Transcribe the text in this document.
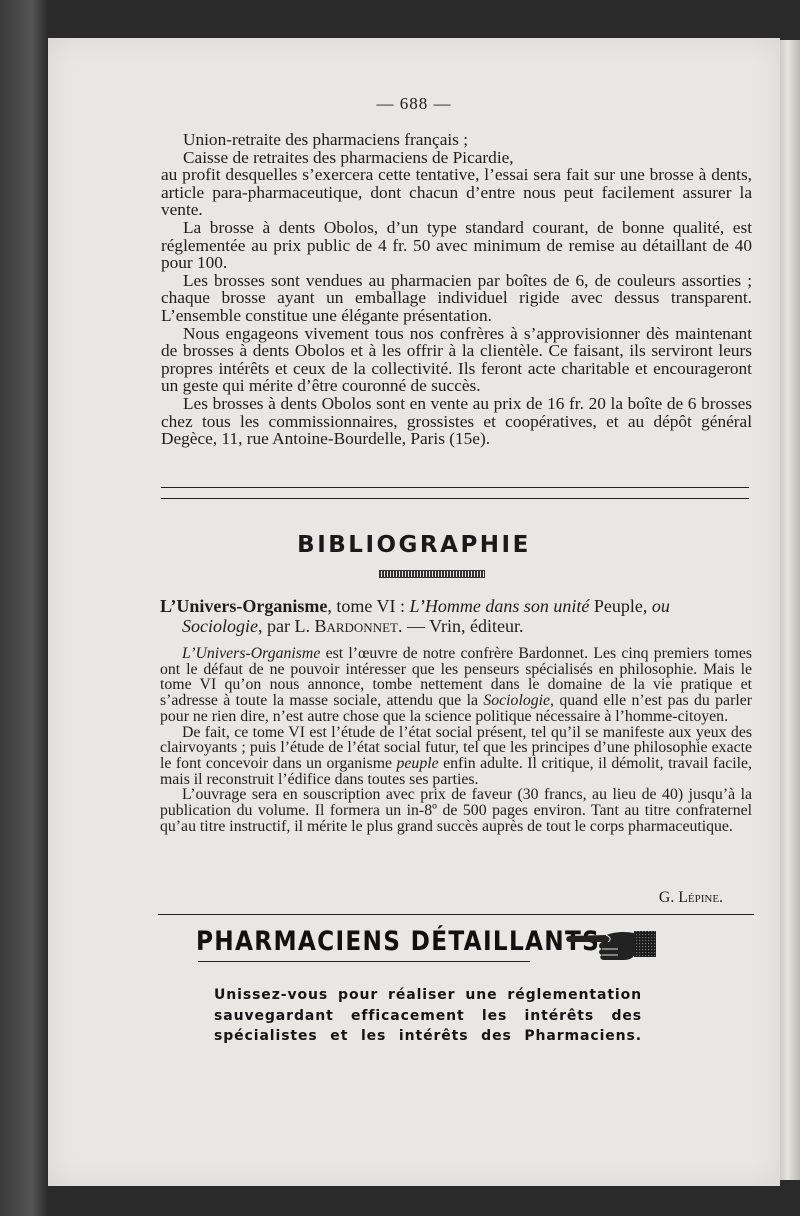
— 688 —

Union-retraite des pharmaciens français ;

Caisse de retraites des pharmaciens de Picardie,

au profit desquelles s’exercera cette tentative, l’essai sera fait sur une brosse à dents, article para-pharmaceutique, dont chacun d’entre nous peut facilement assurer la vente.

La brosse à dents Obolos, d’un type standard courant, de bonne qualité, est réglementée au prix public de 4 fr. 50 avec minimum de remise au détaillant de 40 pour 100.

Les brosses sont vendues au pharmacien par boîtes de 6, de couleurs assorties ; chaque brosse ayant un emballage individuel rigide avec dessus transparent. L’ensemble constitue une élégante présentation.

Nous engageons vivement tous nos confrères à s’approvisionner dès maintenant de brosses à dents Obolos et à les offrir à la clientèle. Ce faisant, ils serviront leurs propres intérêts et ceux de la collectivité. Ils feront acte charitable et encourageront un geste qui mérite d’être couronné de succès.

Les brosses à dents Obolos sont en vente au prix de 16 fr. 20 la boîte de 6 brosses chez tous les commissionnaires, grossistes et coopératives, et au dépôt général Degèce, 11, rue Antoine-Bourdelle, Paris (15e).

BIBLIOGRAPHIE
L’Univers-Organisme, tome VI : L’Homme dans son unité Peuple, ou
Sociologie, par L. Bardonnet. — Vrin, éditeur.

L’Univers-Organisme est l’œuvre de notre confrère Bardonnet. Les cinq premiers tomes ont le défaut de ne pouvoir intéresser que les penseurs spécialisés en philosophie. Mais le tome VI qu’on nous annonce, tombe nettement dans le domaine de la vie pratique et s’adresse à toute la masse sociale, attendu que la Sociologie, quand elle n’est pas du parler pour ne rien dire, n’est autre chose que la science politique nécessaire à l’homme-citoyen.

De fait, ce tome VI est l’étude de l’état social présent, tel qu’il se manifeste aux yeux des clairvoyants ; puis l’étude de l’état social futur, tel que les principes d’une philosophie exacte le font concevoir dans un organisme peuple enfin adulte. Il critique, il démolit, travail facile, mais il reconstruit l’édifice dans toutes ses parties.

L’ouvrage sera en souscription avec prix de faveur (30 francs, au lieu de 40) jusqu’à la publication du volume. Il formera un in-8º de 500 pages environ. Tant au titre confraternel qu’au titre instructif, il mérite le plus grand succès auprès de tout le corps pharmaceutique.

G. Lépine.
PHARMACIENS DÉTAILLANTS
Unissez-vous pour réaliser une réglementation
sauvegardant efficacement les intérêts des
spécialistes et les intérêts des Pharmaciens.
